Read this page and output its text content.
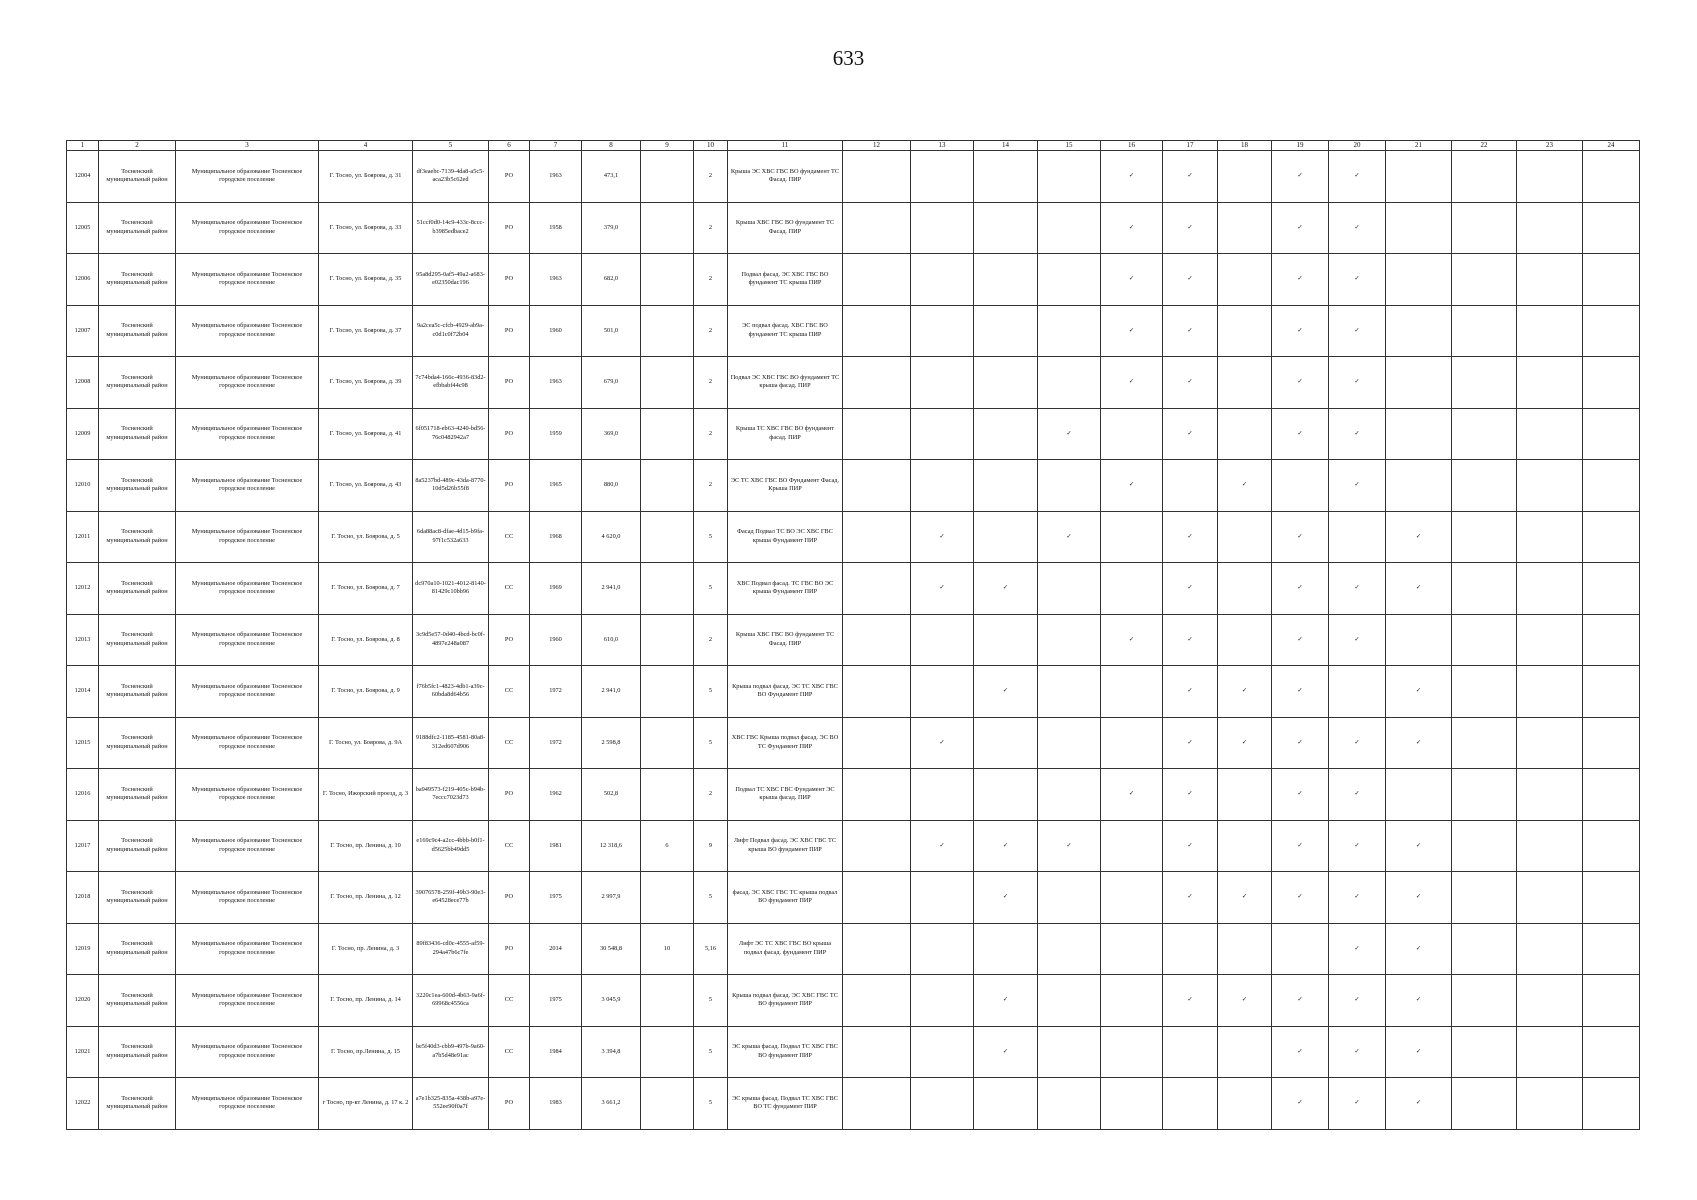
633
1	2	3	4	5	6	7	8	9	10	11	12	13	14	15	16	17	18	19	20	21	22	23	24
12004	Тосненский муниципальный район	Муниципальное образование Тосненское городское поселение	Г. Тосно, ул. Боярова, д. 31	df3eaebc-7139-4da8-a5c5-aca23b5c62ed	РО	1963	473,1		2	Крыша ЭС ХВС ГВС ВО фундамент ТС Фасад. ПИР					✓	✓		✓	✓				
12005	Тосненский муниципальный район	Муниципальное образование Тосненское городское поселение	Г. Тосно, ул. Боярова, д. 33	51ccf0d0-14c9-433c-8ccc-b3985edbace2	РО	1958	379,0		2	Крыша ХВС ГВС ВО фундамент ТС Фасад. ПИР					✓	✓		✓	✓				
12006	Тосненский муниципальный район	Муниципальное образование Тосненское городское поселение	Г. Тосно, ул. Боярова, д. 35	95a8d295-0af5-49a2-a683-e02350dac196	РО	1963	682,0		2	Подвал фасад. ЭС ХВС ГВС ВО фундамент ТС крыша ПИР					✓	✓		✓	✓				
12007	Тосненский муниципальный район	Муниципальное образование Тосненское городское поселение	Г. Тосно, ул. Боярова, д. 37	9a2cea5c-cfcb-4929-ab9a-c0d1c0f72b04	РО	1960	501,0		2	ЭС подвал фасад. ХВС ГВС ВО фундамент ТС крыша ПИР					✓	✓		✓	✓				
12008	Тосненский муниципальный район	Муниципальное образование Тосненское городское поселение	Г. Тосно, ул. Боярова, д. 39	7c74bda4-166c-4936-83d2-efbbabf44c98	РО	1963	679,0		2	Подвал ЭС ХВС ГВС ВО фундамент ТС крыша фасад. ПИР					✓	✓		✓	✓				
12009	Тосненский муниципальный район	Муниципальное образование Тосненское городское поселение	Г. Тосно, ул. Боярова, д. 41	6f051718-eb63-4240-bd56-76c0482942a7	РО	1959	369,0		2	Крыша ТС ХВС ГВС ВО фундамент фасад. ПИР				✓		✓		✓	✓				
12010	Тосненский муниципальный район	Муниципальное образование Тосненское городское поселение	Г. Тосно, ул. Боярова, д. 43	8a5237bd-489c-43da-8770-10d5d26b55f8	РО	1965	880,0		2	ЭС ТС ХВС ГВС ВО Фундамент Фасад. Крыша ПИР					✓		✓		✓				
12011	Тосненский муниципальный район	Муниципальное образование Тосненское городское поселение	Г. Тосно, ул. Боярова, д. 5	6da88ac8-dfae-4d15-b9fa-97f1c532a633	СС	1968	4 620,0		5	Фасад Подвал ТС ВО ЭС ХВС ГВС крыша Фундамент ПИР		✓		✓		✓		✓		✓			
12012	Тосненский муниципальный район	Муниципальное образование Тосненское городское поселение	Г. Тосно, ул. Боярова, д. 7	dc970a10-1021-4012-8140-81429c10bb96	СС	1969	2 941,0		5	ХВС Подвал фасад. ТС ГВС ВО ЭС крыша Фундамент ПИР		✓	✓			✓		✓	✓	✓			
12013	Тосненский муниципальный район	Муниципальное образование Тосненское городское поселение	Г. Тосно, ул. Боярова, д. 8	3c9d5e57-0d40-4bcd-bc0f-4897e248a087	РО	1960	610,0		2	Крыша ХВС ГВС ВО фундамент ТС Фасад. ПИР					✓	✓		✓	✓				
12014	Тосненский муниципальный район	Муниципальное образование Тосненское городское поселение	Г. Тосно, ул. Боярова, д. 9	f76b5fc1-4823-4db1-a39c-60bda8d64b56	СС	1972	2 941,0		5	Крыша подвал фасад. ЭС ТС ХВС ГВС ВО Фундамент ПИР			✓			✓	✓	✓		✓			
12015	Тосненский муниципальный район	Муниципальное образование Тосненское городское поселение	Г. Тосно, ул. Боярова, д. 9А	9188dfc2-1185-4581-80a8-312ed607d906	СС	1972	2 598,8		5	ХВС ГВС Крыша подвал фасад. ЭС ВО ТС Фундамент ПИР		✓				✓	✓	✓	✓	✓			
12016	Тосненский муниципальный район	Муниципальное образование Тосненское городское поселение	Г. Тосно, Ижорский проезд, д. 3	ba949573-f219-405c-b94b-7eccc7023d73	РО	1962	502,8		2	Подвал ТС ХВС ГВС Фундамент ЭС крыша фасад. ПИР					✓	✓		✓	✓				
12017	Тосненский муниципальный район	Муниципальное образование Тосненское городское поселение	Г. Тосно, пр. Ленина, д. 10	e169c9c4-a2cc-4bbb-b0f1-d5625bb49dd5	СС	1981	12 318,6	6	9	Лифт Подвал фасад. ЭС ХВС ГВС ТС крыша ВО фундамент ПИР		✓	✓	✓		✓		✓	✓	✓			
12018	Тосненский муниципальный район	Муниципальное образование Тосненское городское поселение	Г. Тосно, пр. Ленина, д. 12	39076578-259f-49b3-90e3-e64528ece77b	РО	1975	2 997,9		5	фасад. ЭС ХВС ГВС ТС крыша подвал ВО фундамент ПИР			✓			✓	✓	✓	✓	✓			
12019	Тосненский муниципальный район	Муниципальное образование Тосненское городское поселение	Г. Тосно, пр. Ленина, д. 3	89f83436-cd0c-4555-af59-294a47b6c7fe	РО	2014	30 548,8	10	5,16	Лифт ЭС ТС ХВС ГВС ВО крыша подвал фасад. фундамент ПИР									✓	✓			
12020	Тосненский муниципальный район	Муниципальное образование Тосненское городское поселение	Г. Тосно, пр. Ленина, д. 14	3220c1ea-600d-4b63-9a6f-69968c4556ca	СС	1975	3 045,9		5	Крыша подвал фасад. ЭС ХВС ГВС ТС ВО фундамент ПИР			✓			✓	✓	✓	✓	✓			
12021	Тосненский муниципальный район	Муниципальное образование Тосненское городское поселение	Г. Тосно, пр.Ленина, д. 15	be5f40d3-cbb9-497b-9a60-a7b5d48e91ac	СС	1984	3 394,8		5	ЭС крыша фасад. Подвал ТС ХВС ГВС ВО фундамент ПИР			✓					✓	✓	✓			
12022	Тосненский муниципальный район	Муниципальное образование Тосненское городское поселение	г Тосно, пр-кт Ленина, д. 17 к. 2	a7e1b325-835a-438b-a97e-552ee90f0a7f	РО	1983	3 661,2		5	ЭС крыша фасад. Подвал ТС ХВС ГВС ВО ТС фундамент ПИР								✓	✓	✓			
